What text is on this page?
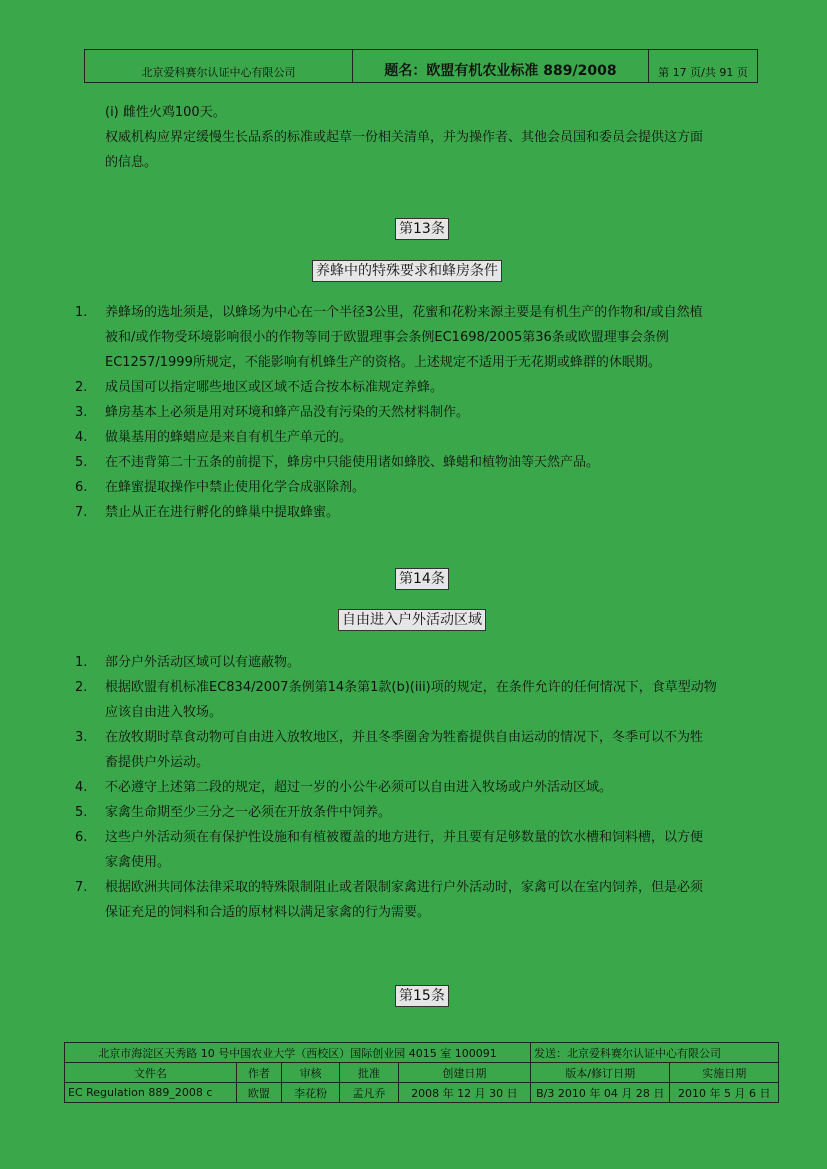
北京爱科赛尔认证中心有限公司	题名：欧盟有机农业标准 889/2008	第 17 页/共 91 页
(i) 雌性火鸡100天。
权威机构应界定缓慢生长品系的标准或起草一份相关清单，并为操作者、其他会员国和委员会提供这方面
的信息。
第13条
养蜂中的特殊要求和蜂房条件
1. 养蜂场的选址须是，以蜂场为中心在一个半径3公里，花蜜和花粉来源主要是有机生产的作物和/或自然植
被和/或作物受环境影响很小的作物等同于欧盟理事会条例EC1698/2005第36条或欧盟理事会条例
EC1257/1999所规定，不能影响有机蜂生产的资格。上述规定不适用于无花期或蜂群的休眠期。
2. 成员国可以指定哪些地区或区域不适合按本标准规定养蜂。
3. 蜂房基本上必须是用对环境和蜂产品没有污染的天然材料制作。
4. 做巢基用的蜂蜡应是来自有机生产单元的。
5. 在不违背第二十五条的前提下，蜂房中只能使用诸如蜂胶、蜂蜡和植物油等天然产品。
6. 在蜂蜜提取操作中禁止使用化学合成驱除剂。
7. 禁止从正在进行孵化的蜂巢中提取蜂蜜。
第14条
自由进入户外活动区域
1. 部分户外活动区域可以有遮蔽物。
2. 根据欧盟有机标准EC834/2007条例第14条第1款(b)(iii)项的规定，在条件允许的任何情况下，食草型动物
应该自由进入牧场。
3. 在放牧期时草食动物可自由进入放牧地区，并且冬季圈舍为牲畜提供自由运动的情况下，冬季可以不为牲
畜提供户外运动。
4. 不必遵守上述第二段的规定，超过一岁的小公牛必须可以自由进入牧场或户外活动区域。
5. 家禽生命期至少三分之一必须在开放条件中饲养。
6. 这些户外活动须在有保护性设施和有植被覆盖的地方进行，并且要有足够数量的饮水槽和饲料槽，以方便
家禽使用。
7. 根据欧洲共同体法律采取的特殊限制阻止或者限制家禽进行户外活动时，家禽可以在室内饲养，但是必须
保证充足的饲料和合适的原材料以满足家禽的行为需要。
第15条
北京市海淀区天秀路 10 号中国农业大学（西校区）国际创业园 4015 室 100091					发送：北京爱科赛尔认证中心有限公司	
文件名	作者	审核	批准	创建日期	版本/修订日期	实施日期
EC Regulation 889_2008 c	欧盟	李花粉	孟凡乔	2008 年 12 月 30 日	B/3 2010 年 04 月 28 日	2010 年 5 月 6 日
